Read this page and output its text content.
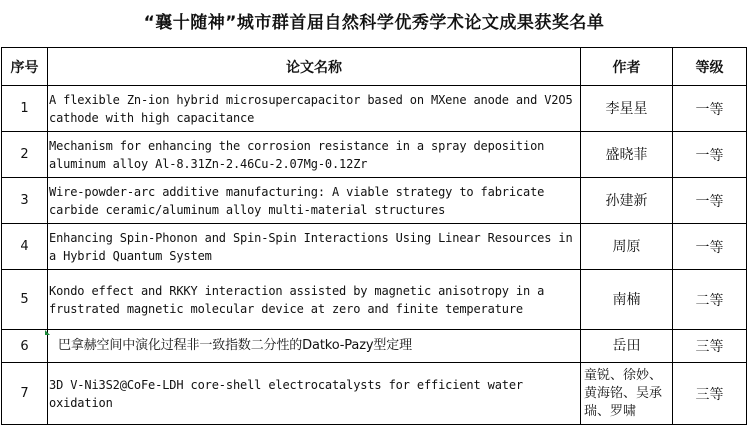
“襄十随神”城市群首届自然科学优秀学术论文成果获奖名单
序号	论文名称	作者	等级
1	A flexible Zn-ion hybrid microsupercapacitor based on MXene anode and V2O5 cathode with high capacitance	李星星	一等
2	Mechanism for enhancing the corrosion resistance in a spray deposition aluminum alloy Al-8.31Zn-2.46Cu-2.07Mg-0.12Zr	盛晓菲	一等
3	Wire-powder-arc additive manufacturing: A viable strategy to fabricate carbide ceramic/aluminum alloy multi-material structures	孙建新	一等
4	Enhancing Spin-Phonon and Spin-Spin Interactions Using Linear Resources in a Hybrid Quantum System	周原	一等
5	Kondo effect and RKKY interaction assisted by magnetic anisotropy in a frustrated magnetic molecular device at zero and finite temperature	南楠	二等
6	巴拿赫空间中演化过程非一致指数二分性的Datko-Pazy型定理	岳田	三等
7	3D V-Ni3S2@CoFe-LDH core-shell electrocatalysts for efficient water oxidation	童锐、徐妙、黄海铭、吴承瑞、罗啸	三等
